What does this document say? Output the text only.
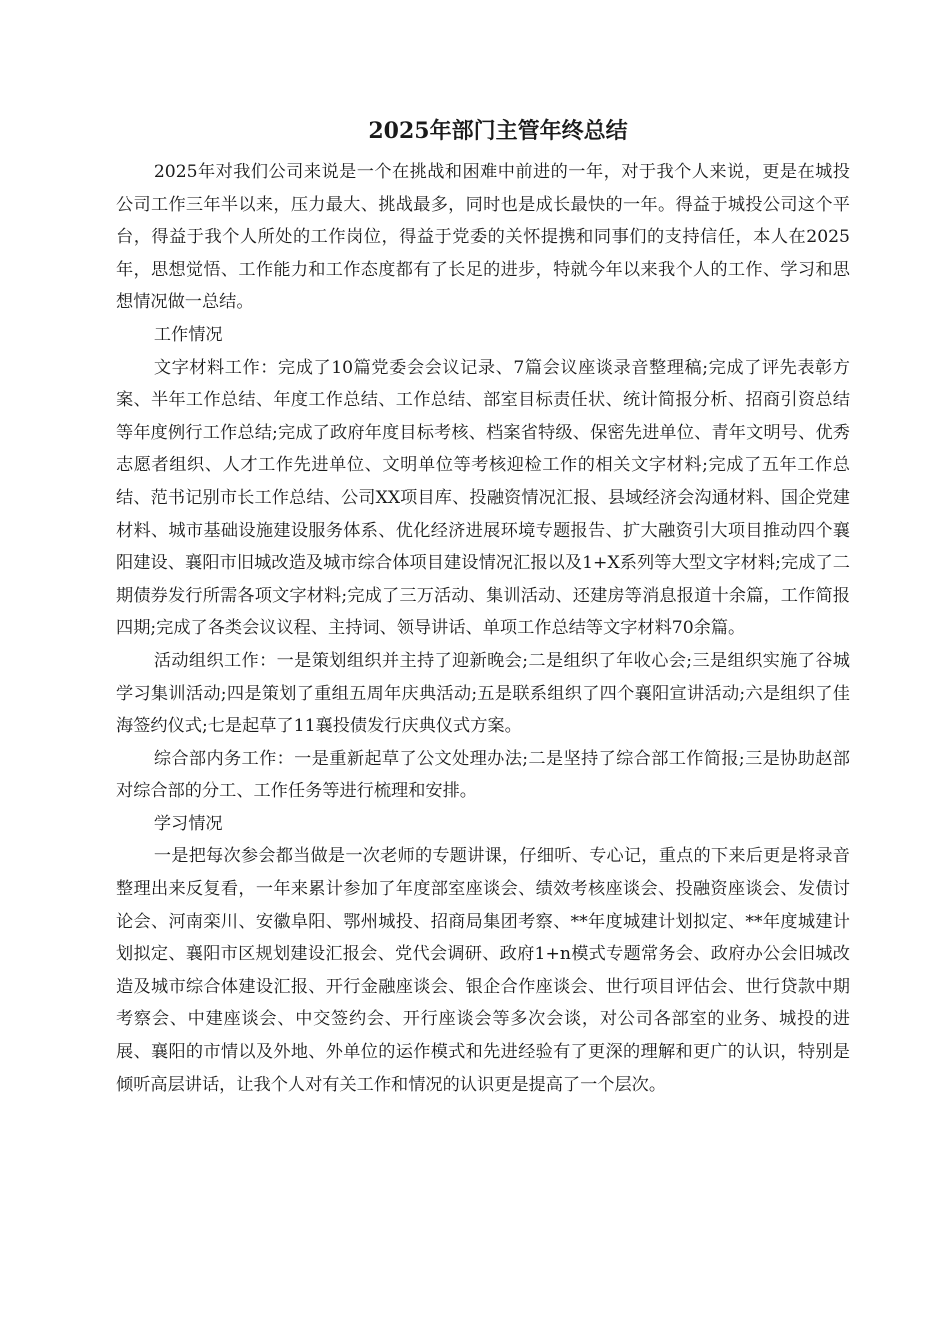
2025年部门主管年终总结

2025年对我们公司来说是一个在挑战和困难中前进的一年，对于我个人来说，更是在城投公司工作三年半以来，压力最大、挑战最多，同时也是成长最快的一年。得益于城投公司这个平台，得益于我个人所处的工作岗位，得益于党委的关怀提携和同事们的支持信任，本人在2025年，思想觉悟、工作能力和工作态度都有了长足的进步，特就今年以来我个人的工作、学习和思想情况做一总结。

工作情况

文字材料工作：完成了10篇党委会会议记录、7篇会议座谈录音整理稿;完成了评先表彰方案、半年工作总结、年度工作总结、工作总结、部室目标责任状、统计简报分析、招商引资总结等年度例行工作总结;完成了政府年度目标考核、档案省特级、保密先进单位、青年文明号、优秀志愿者组织、人才工作先进单位、文明单位等考核迎检工作的相关文字材料;完成了五年工作总结、范书记别市长工作总结、公司XX项目库、投融资情况汇报、县域经济会沟通材料、国企党建材料、城市基础设施建设服务体系、优化经济进展环境专题报告、扩大融资引大项目推动四个襄阳建设、襄阳市旧城改造及城市综合体项目建设情况汇报以及1+X系列等大型文字材料;完成了二期债券发行所需各项文字材料;完成了三万活动、集训活动、还建房等消息报道十余篇，工作简报四期;完成了各类会议议程、主持词、领导讲话、单项工作总结等文字材料70余篇。

活动组织工作：一是策划组织并主持了迎新晚会;二是组织了年收心会;三是组织实施了谷城学习集训活动;四是策划了重组五周年庆典活动;五是联系组织了四个襄阳宣讲活动;六是组织了佳海签约仪式;七是起草了11襄投债发行庆典仪式方案。

综合部内务工作：一是重新起草了公文处理办法;二是坚持了综合部工作简报;三是协助赵部对综合部的分工、工作任务等进行梳理和安排。

学习情况

一是把每次参会都当做是一次老师的专题讲课，仔细听、专心记，重点的下来后更是将录音整理出来反复看，一年来累计参加了年度部室座谈会、绩效考核座谈会、投融资座谈会、发债讨论会、河南栾川、安徽阜阳、鄂州城投、招商局集团考察、**年度城建计划拟定、**年度城建计划拟定、襄阳市区规划建设汇报会、党代会调研、政府1+n模式专题常务会、政府办公会旧城改造及城市综合体建设汇报、开行金融座谈会、银企合作座谈会、世行项目评估会、世行贷款中期考察会、中建座谈会、中交签约会、开行座谈会等多次会谈，对公司各部室的业务、城投的进展、襄阳的市情以及外地、外单位的运作模式和先进经验有了更深的理解和更广的认识，特别是倾听高层讲话，让我个人对有关工作和情况的认识更是提高了一个层次。
